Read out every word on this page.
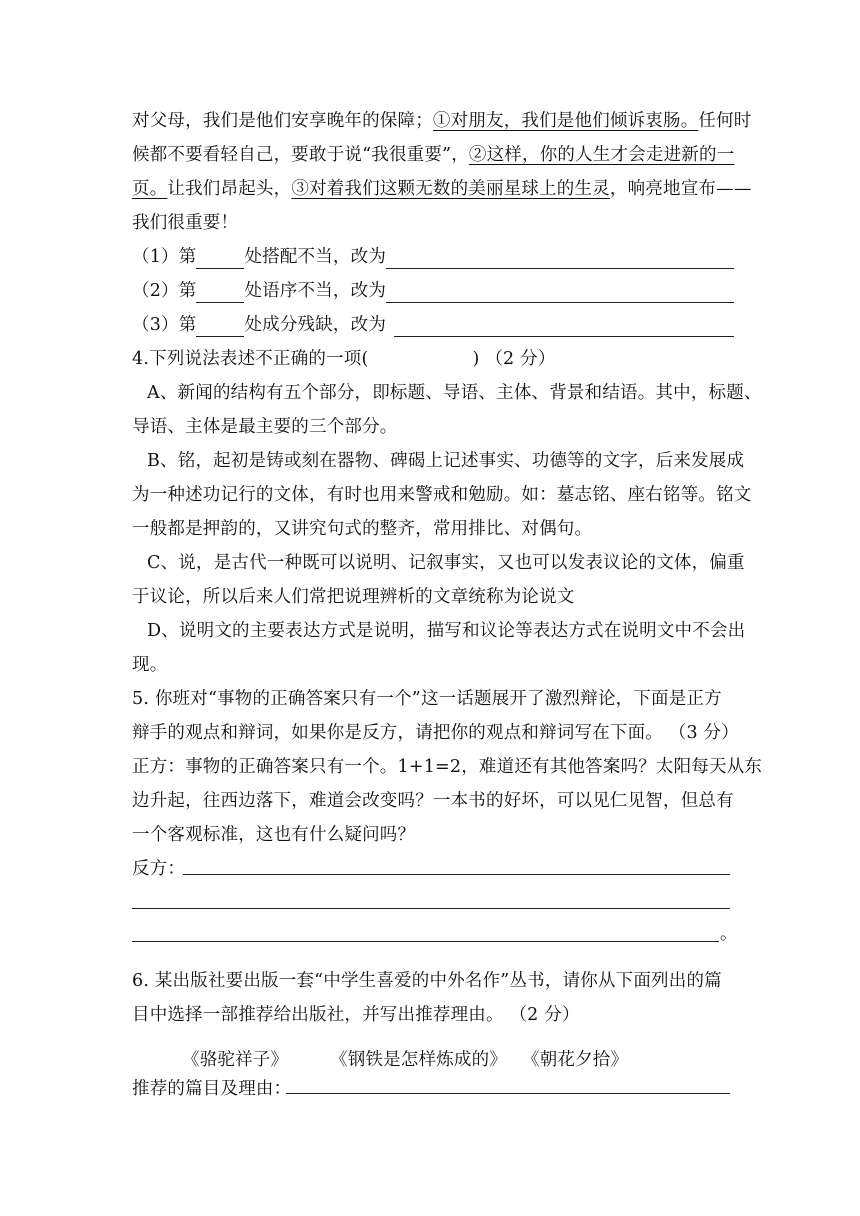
对父母，我们是他们安享晚年的保障；①对朋友，我们是他们倾诉衷肠。任何时
候都不要看轻自己，要敢于说“我很重要”，②这样，你的人生才会走进新的一
页。让我们昂起头，③对着我们这颗无数的美丽星球上的生灵，响亮地宣布——
我们很重要！
（1）第	处搭配不当，改为
（2）第	处语序不当，改为
（3）第	处成分残缺，改为
4.下列说法表述不正确的一项(	) （2 分）
A、新闻的结构有五个部分，即标题、导语、主体、背景和结语。其中，标题、
导语、主体是最主要的三个部分。
B、铭，起初是铸或刻在器物、碑碣上记述事实、功德等的文字，后来发展成
为一种述功记行的文体，有时也用来警戒和勉励。如：墓志铭、座右铭等。铭文
一般都是押韵的，又讲究句式的整齐，常用排比、对偶句。
C、说，是古代一种既可以说明、记叙事实，又也可以发表议论的文体，偏重
于议论，所以后来人们常把说理辨析的文章统称为论说文
D、说明文的主要表达方式是说明，描写和议论等表达方式在说明文中不会出
现。
5. 你班对“事物的正确答案只有一个”这一话题展开了激烈辩论，下面是正方
辩手的观点和辩词，如果你是反方，请把你的观点和辩词写在下面。 （3 分）
正方：事物的正确答案只有一个。1+1=2，难道还有其他答案吗？太阳每天从东
边升起，往西边落下，难道会改变吗？一本书的好坏，可以见仁见智，但总有
一个客观标准，这也有什么疑问吗？
反方：
。
6. 某出版社要出版一套“中学生喜爱的中外名作”丛书，请你从下面列出的篇
目中选择一部推荐给出版社，并写出推荐理由。 （2 分）
《骆驼祥子》 《钢铁是怎样炼成的》 《朝花夕拾》
推荐的篇目及理由：
